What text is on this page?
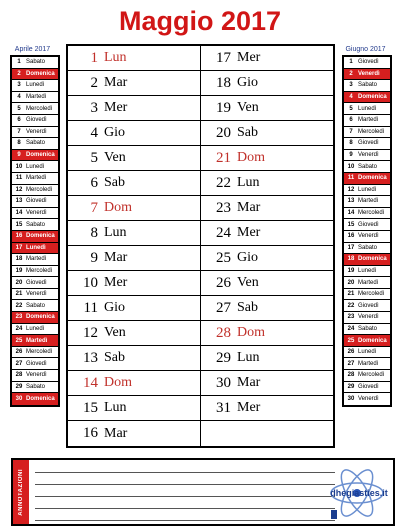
Maggio 2017
Aprile 2017
1 Sabato
2 Domenica
3 Lunedì
4 Martedì
5 Mercoledì
6 Giovedì
7 Venerdì
8 Sabato
9 Domenica
10 Lunedì
11 Martedì
12 Mercoledì
13 Giovedì
14 Venerdì
15 Sabato
16 Domenica
17 Lunedì
18 Martedì
19 Mercoledì
20 Giovedì
21 Venerdì
22 Sabato
23 Domenica
24 Lunedì
25 Martedì
26 Mercoledì
27 Giovedì
28 Venerdì
29 Sabato
30 Domenica
Giugno 2017
1 Giovedì
2 Venerdì
3 Sabato
4 Domenica
5 Lunedì
6 Martedì
7 Mercoledì
8 Giovedì
9 Venerdì
10 Sabato
11 Domenica
12 Lunedì
13 Martedì
14 Mercoledì
15 Giovedì
16 Venerdì
17 Sabato
18 Domenica
19 Lunedì
20 Martedì
21 Mercoledì
22 Giovedì
23 Venerdì
24 Sabato
25 Domenica
26 Lunedì
27 Martedì
28 Mercoledì
29 Giovedì
30 Venerdì
1 Lun
2 Mar
3 Mer
4 Gio
5 Ven
6 Sab
7 Dom
8 Lun
9 Mar
10 Mer
11 Gio
12 Ven
13 Sab
14 Dom
15 Lun
16 Mar
17 Mer
18 Gio
19 Ven
20 Sab
21 Dom
22 Lun
23 Mar
24 Mer
25 Gio
26 Ven
27 Sab
28 Dom
29 Lun
30 Mar
31 Mer
ANNOTAZIONI	dhegiasties.it
